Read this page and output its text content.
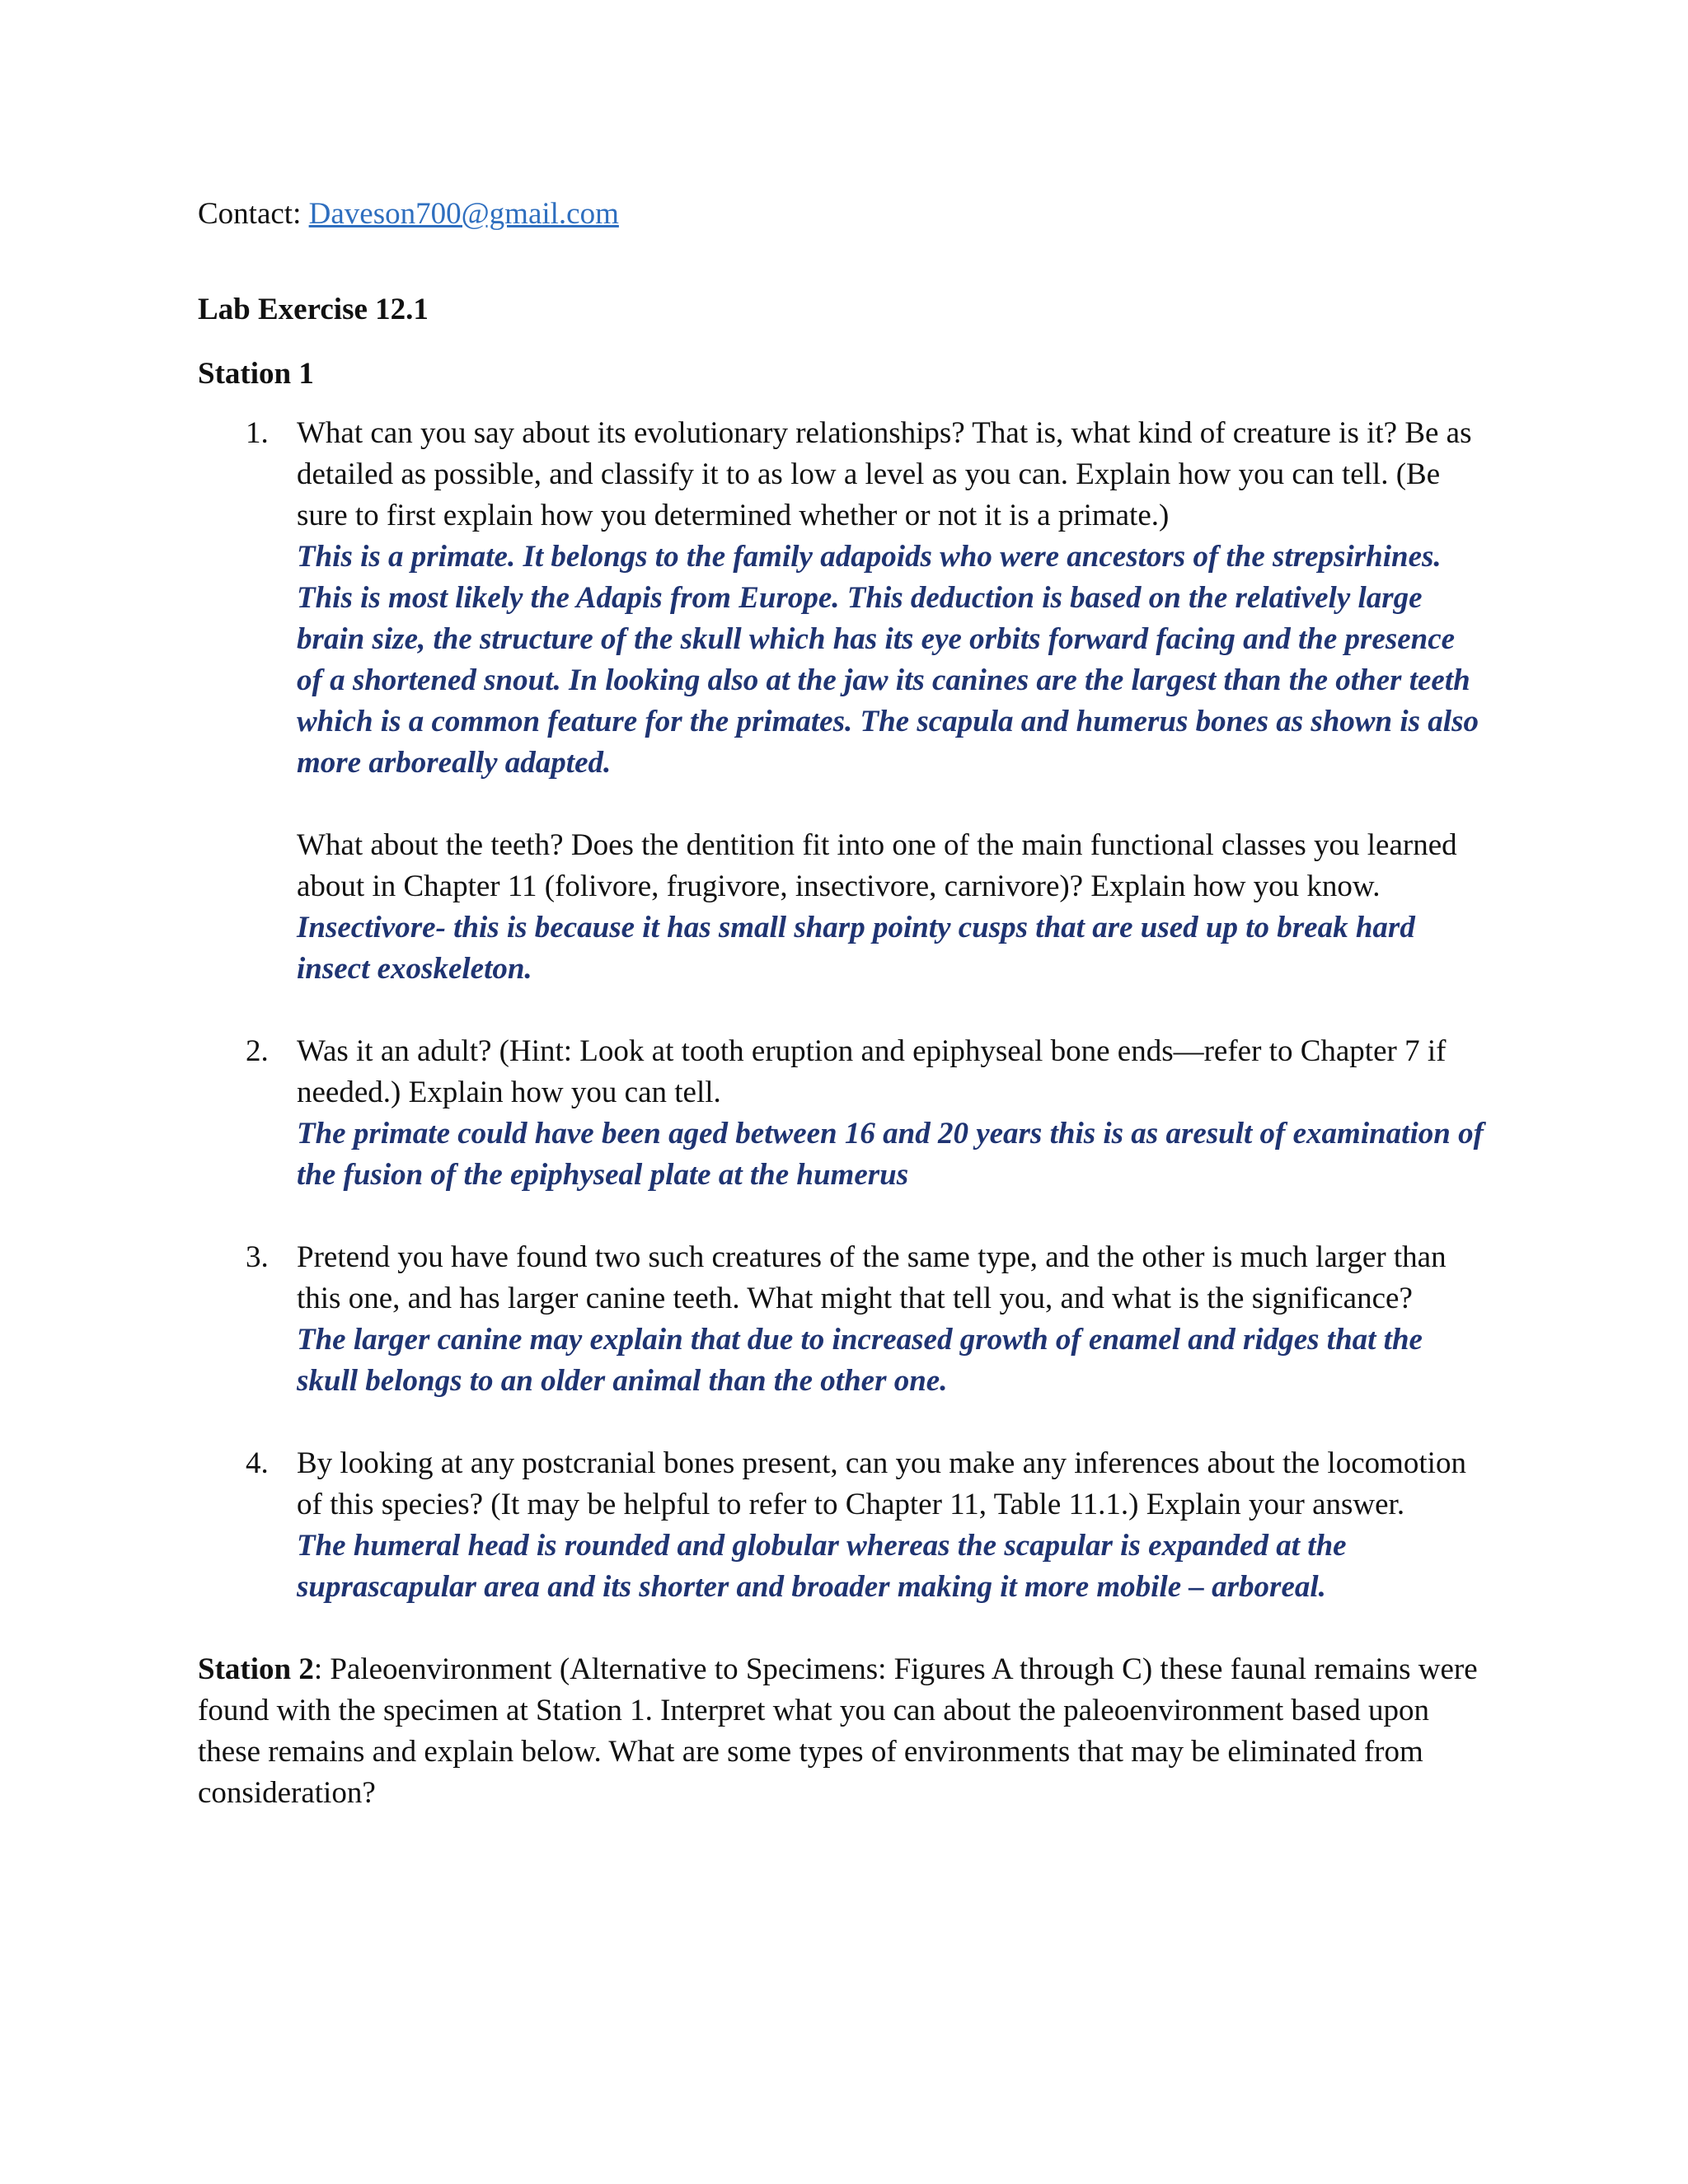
Contact: Daveson700@gmail.com

Lab Exercise 12.1

Station 1

1. What can you say about its evolutionary relationships? That is, what kind of creature is it? Be as detailed as possible, and classify it to as low a level as you can. Explain how you can tell. (Be sure to first explain how you determined whether or not it is a primate.)

This is a primate. It belongs to the family adapoids who were ancestors of the strepsirhines. This is most likely the Adapis from Europe. This deduction is based on the relatively large brain size, the structure of the skull which has its eye orbits forward facing and the presence of a shortened snout. In looking also at the jaw its canines are the largest than the other teeth which is a common feature for the primates. The scapula and humerus bones as shown is also more arboreally adapted.

What about the teeth? Does the dentition fit into one of the main functional classes you learned about in Chapter 11 (folivore, frugivore, insectivore, carnivore)? Explain how you know.

Insectivore- this is because it has small sharp pointy cusps that are used up to break hard insect exoskeleton.

2. Was it an adult? (Hint: Look at tooth eruption and epiphyseal bone ends—refer to Chapter 7 if needed.) Explain how you can tell.

The primate could have been aged between 16 and 20 years this is as aresult of examination of the fusion of the epiphyseal plate at the humerus

3. Pretend you have found two such creatures of the same type, and the other is much larger than this one, and has larger canine teeth. What might that tell you, and what is the significance?

The larger canine may explain that due to increased growth of enamel and ridges that the skull belongs to an older animal than the other one.

4. By looking at any postcranial bones present, can you make any inferences about the locomotion of this species? (It may be helpful to refer to Chapter 11, Table 11.1.) Explain your answer.

The humeral head is rounded and globular whereas the scapular is expanded at the suprascapular area and its shorter and broader making it more mobile – arboreal.

Station 2: Paleoenvironment (Alternative to Specimens: Figures A through C) these faunal remains were found with the specimen at Station 1. Interpret what you can about the paleoenvironment based upon these remains and explain below. What are some types of environments that may be eliminated from consideration?
